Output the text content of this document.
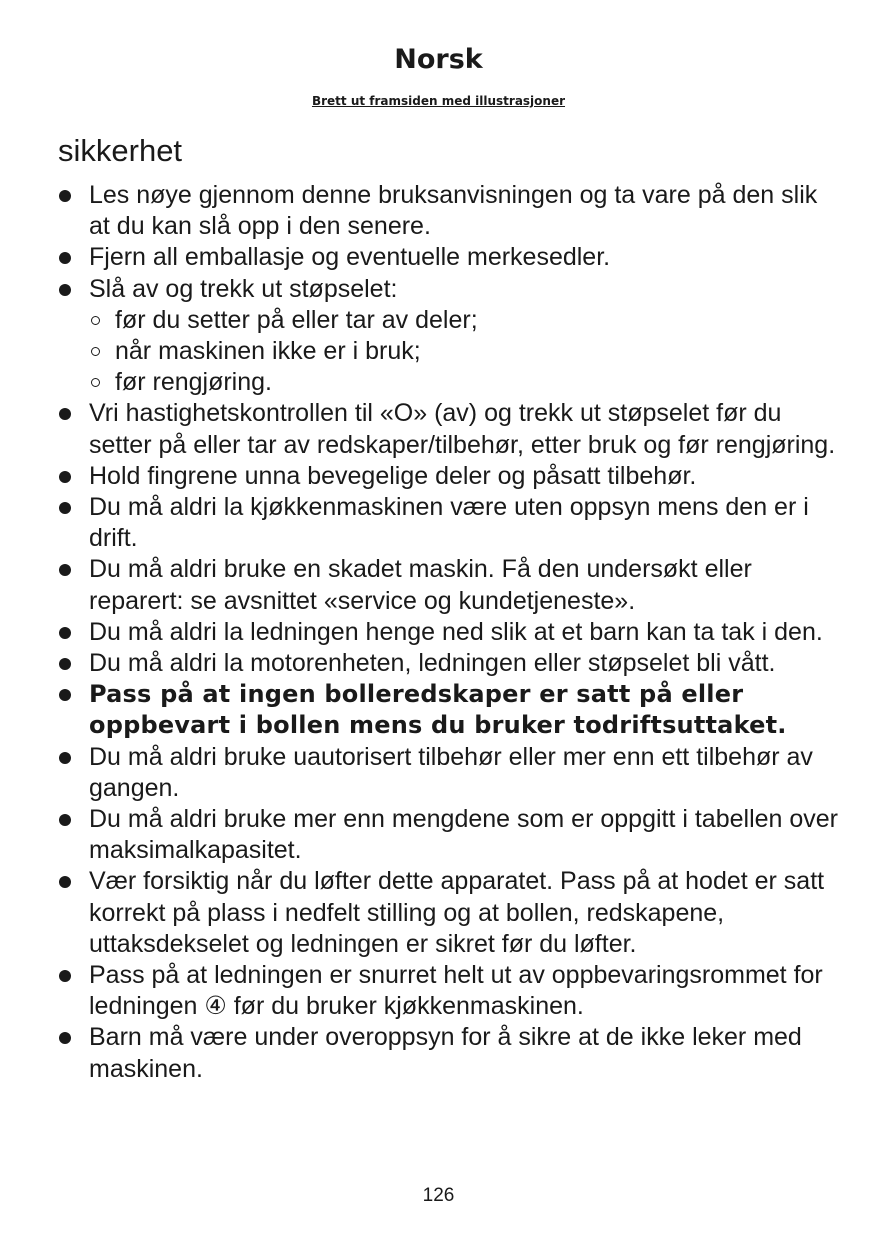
Norsk
Brett ut framsiden med illustrasjoner
sikkerhet
Les nøye gjennom denne bruksanvisningen og ta vare på den slik at du kan slå opp i den senere.
Fjern all emballasje og eventuelle merkesedler.
Slå av og trekk ut støpselet:
før du setter på eller tar av deler;
når maskinen ikke er i bruk;
før rengjøring.
Vri hastighetskontrollen til «O» (av) og trekk ut støpselet før du setter på eller tar av redskaper/tilbehør, etter bruk og før rengjøring.
Hold fingrene unna bevegelige deler og påsatt tilbehør.
Du må aldri la kjøkkenmaskinen være uten oppsyn mens den er i drift.
Du må aldri bruke en skadet maskin. Få den undersøkt eller reparert: se avsnittet «service og kundetjeneste».
Du må aldri la ledningen henge ned slik at et barn kan ta tak i den.
Du må aldri la motorenheten, ledningen eller støpselet bli vått.
Pass på at ingen bolleredskaper er satt på eller oppbevart i bollen mens du bruker todriftsuttaket.
Du må aldri bruke uautorisert tilbehør eller mer enn ett tilbehør av gangen.
Du må aldri bruke mer enn mengdene som er oppgitt i tabellen over maksimalkapasitet.
Vær forsiktig når du løfter dette apparatet. Pass på at hodet er satt korrekt på plass i nedfelt stilling og at bollen, redskapene, uttaksdekselet og ledningen er sikret før du løfter.
Pass på at ledningen er snurret helt ut av oppbevaringsrommet for ledningen ④ før du bruker kjøkkenmaskinen.
Barn må være under overoppsyn for å sikre at de ikke leker med maskinen.
126
